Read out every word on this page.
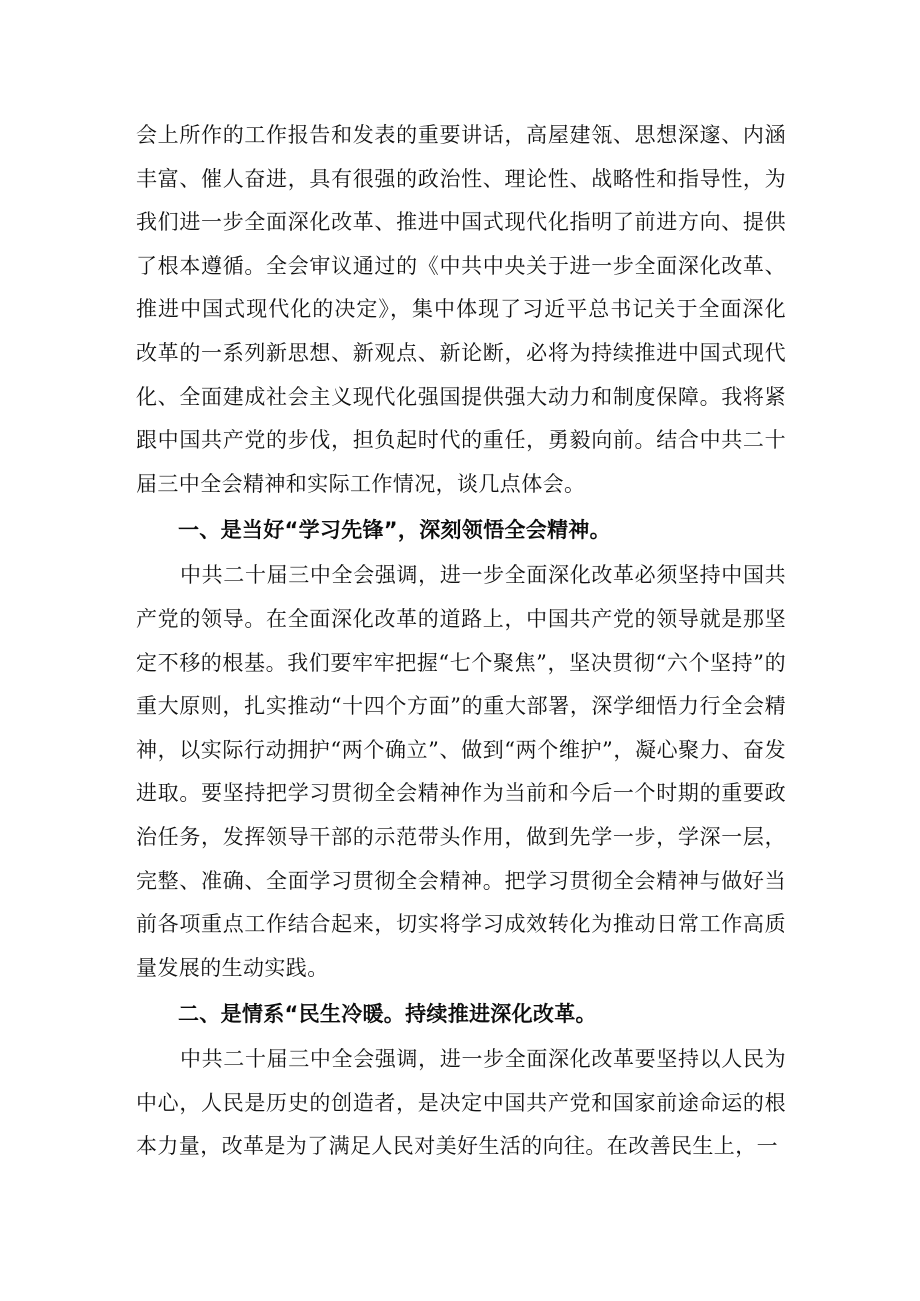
会上所作的工作报告和发表的重要讲话，高屋建瓴、思想深邃、内涵丰富、催人奋进，具有很强的政治性、理论性、战略性和指导性，为我们进一步全面深化改革、推进中国式现代化指明了前进方向、提供了根本遵循。全会审议通过的《中共中央关于进一步全面深化改革、推进中国式现代化的决定》，集中体现了习近平总书记关于全面深化改革的一系列新思想、新观点、新论断，必将为持续推进中国式现代化、全面建成社会主义现代化强国提供强大动力和制度保障。我将紧跟中国共产党的步伐，担负起时代的重任，勇毅向前。结合中共二十届三中全会精神和实际工作情况，谈几点体会。

一、是当好“学习先锋”，深刻领悟全会精神。

中共二十届三中全会强调，进一步全面深化改革必须坚持中国共产党的领导。在全面深化改革的道路上，中国共产党的领导就是那坚定不移的根基。我们要牢牢把握“七个聚焦”，坚决贯彻“六个坚持”的重大原则，扎实推动“十四个方面”的重大部署，深学细悟力行全会精神，以实际行动拥护“两个确立”、做到“两个维护”，凝心聚力、奋发进取。要坚持把学习贯彻全会精神作为当前和今后一个时期的重要政治任务，发挥领导干部的示范带头作用，做到先学一步，学深一层，完整、准确、全面学习贯彻全会精神。把学习贯彻全会精神与做好当前各项重点工作结合起来，切实将学习成效转化为推动日常工作高质量发展的生动实践。

二、是情系“民生冷暖。持续推进深化改革。

中共二十届三中全会强调，进一步全面深化改革要坚持以人民为中心，人民是历史的创造者，是决定中国共产党和国家前途命运的根本力量，改革是为了满足人民对美好生活的向往。在改善民生上，一
